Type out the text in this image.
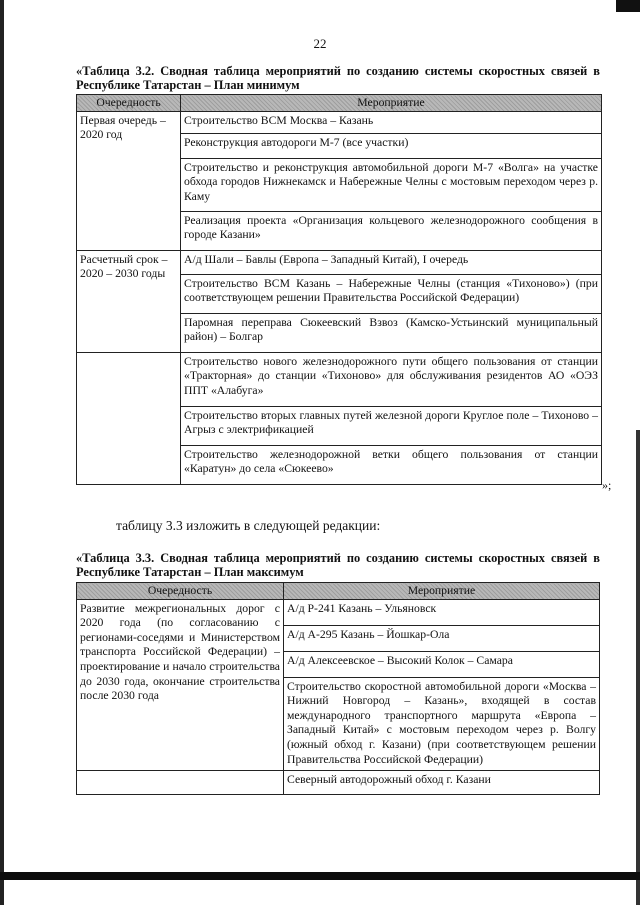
22
«Таблица 3.2. Сводная таблица мероприятий по созданию системы скоростных связей в Республике Татарстан – План минимум
Очередность	Мероприятие
Первая очередь – 2020 год	Строительство ВСМ Москва – Казань
	Реконструкция автодороги М-7 (все участки)
	Строительство и реконструкция автомобильной дороги М-7 «Волга» на участке обхода городов Нижнекамск и Набережные Челны с мостовым переходом через р. Каму
	Реализация проекта «Организация кольцевого железнодорожного сообщения в городе Казани»
Расчетный срок – 2020 – 2030 годы	А/д Шали – Бавлы (Европа – Западный Китай), I очередь
	Строительство ВСМ Казань – Набережные Челны (станция «Тихоново») (при соответствующем решении Правительства Российской Федерации)
	Паромная переправа Сюкеевский Взвоз (Камско-Устьинский муниципальный район) – Болгар
	Строительство нового железнодорожного пути общего пользования от станции «Тракторная» до станции «Тихоново» для обслуживания резидентов АО «ОЭЗ ППТ «Алабуга»
	Строительство вторых главных путей железной дороги Круглое поле – Тихоново – Агрыз с электрификацией
	Строительство железнодорожной ветки общего пользования от станции «Каратун» до села «Сюкеево»
»;
таблицу 3.3 изложить в следующей редакции:
«Таблица 3.3. Сводная таблица мероприятий по созданию системы скоростных связей в Республике Татарстан – План максимум
Очередность	Мероприятие
Развитие межрегиональных дорог с 2020 года (по согласованию с регионами-соседями и Министерством транспорта Российской Федерации) – проектирование и начало строительства до 2030 года, окончание строительства после 2030 года	А/д Р-241 Казань – Ульяновск
	А/д А-295 Казань – Йошкар-Ола
	А/д Алексеевское – Высокий Колок – Самара
	Строительство скоростной автомобильной дороги «Москва – Нижний Новгород – Казань», входящей в состав международного транспортного маршрута «Европа – Западный Китай» с мостовым переходом через р. Волгу (южный обход г. Казани) (при соответствующем решении Правительства Российской Федерации)
	Северный автодорожный обход г. Казани
